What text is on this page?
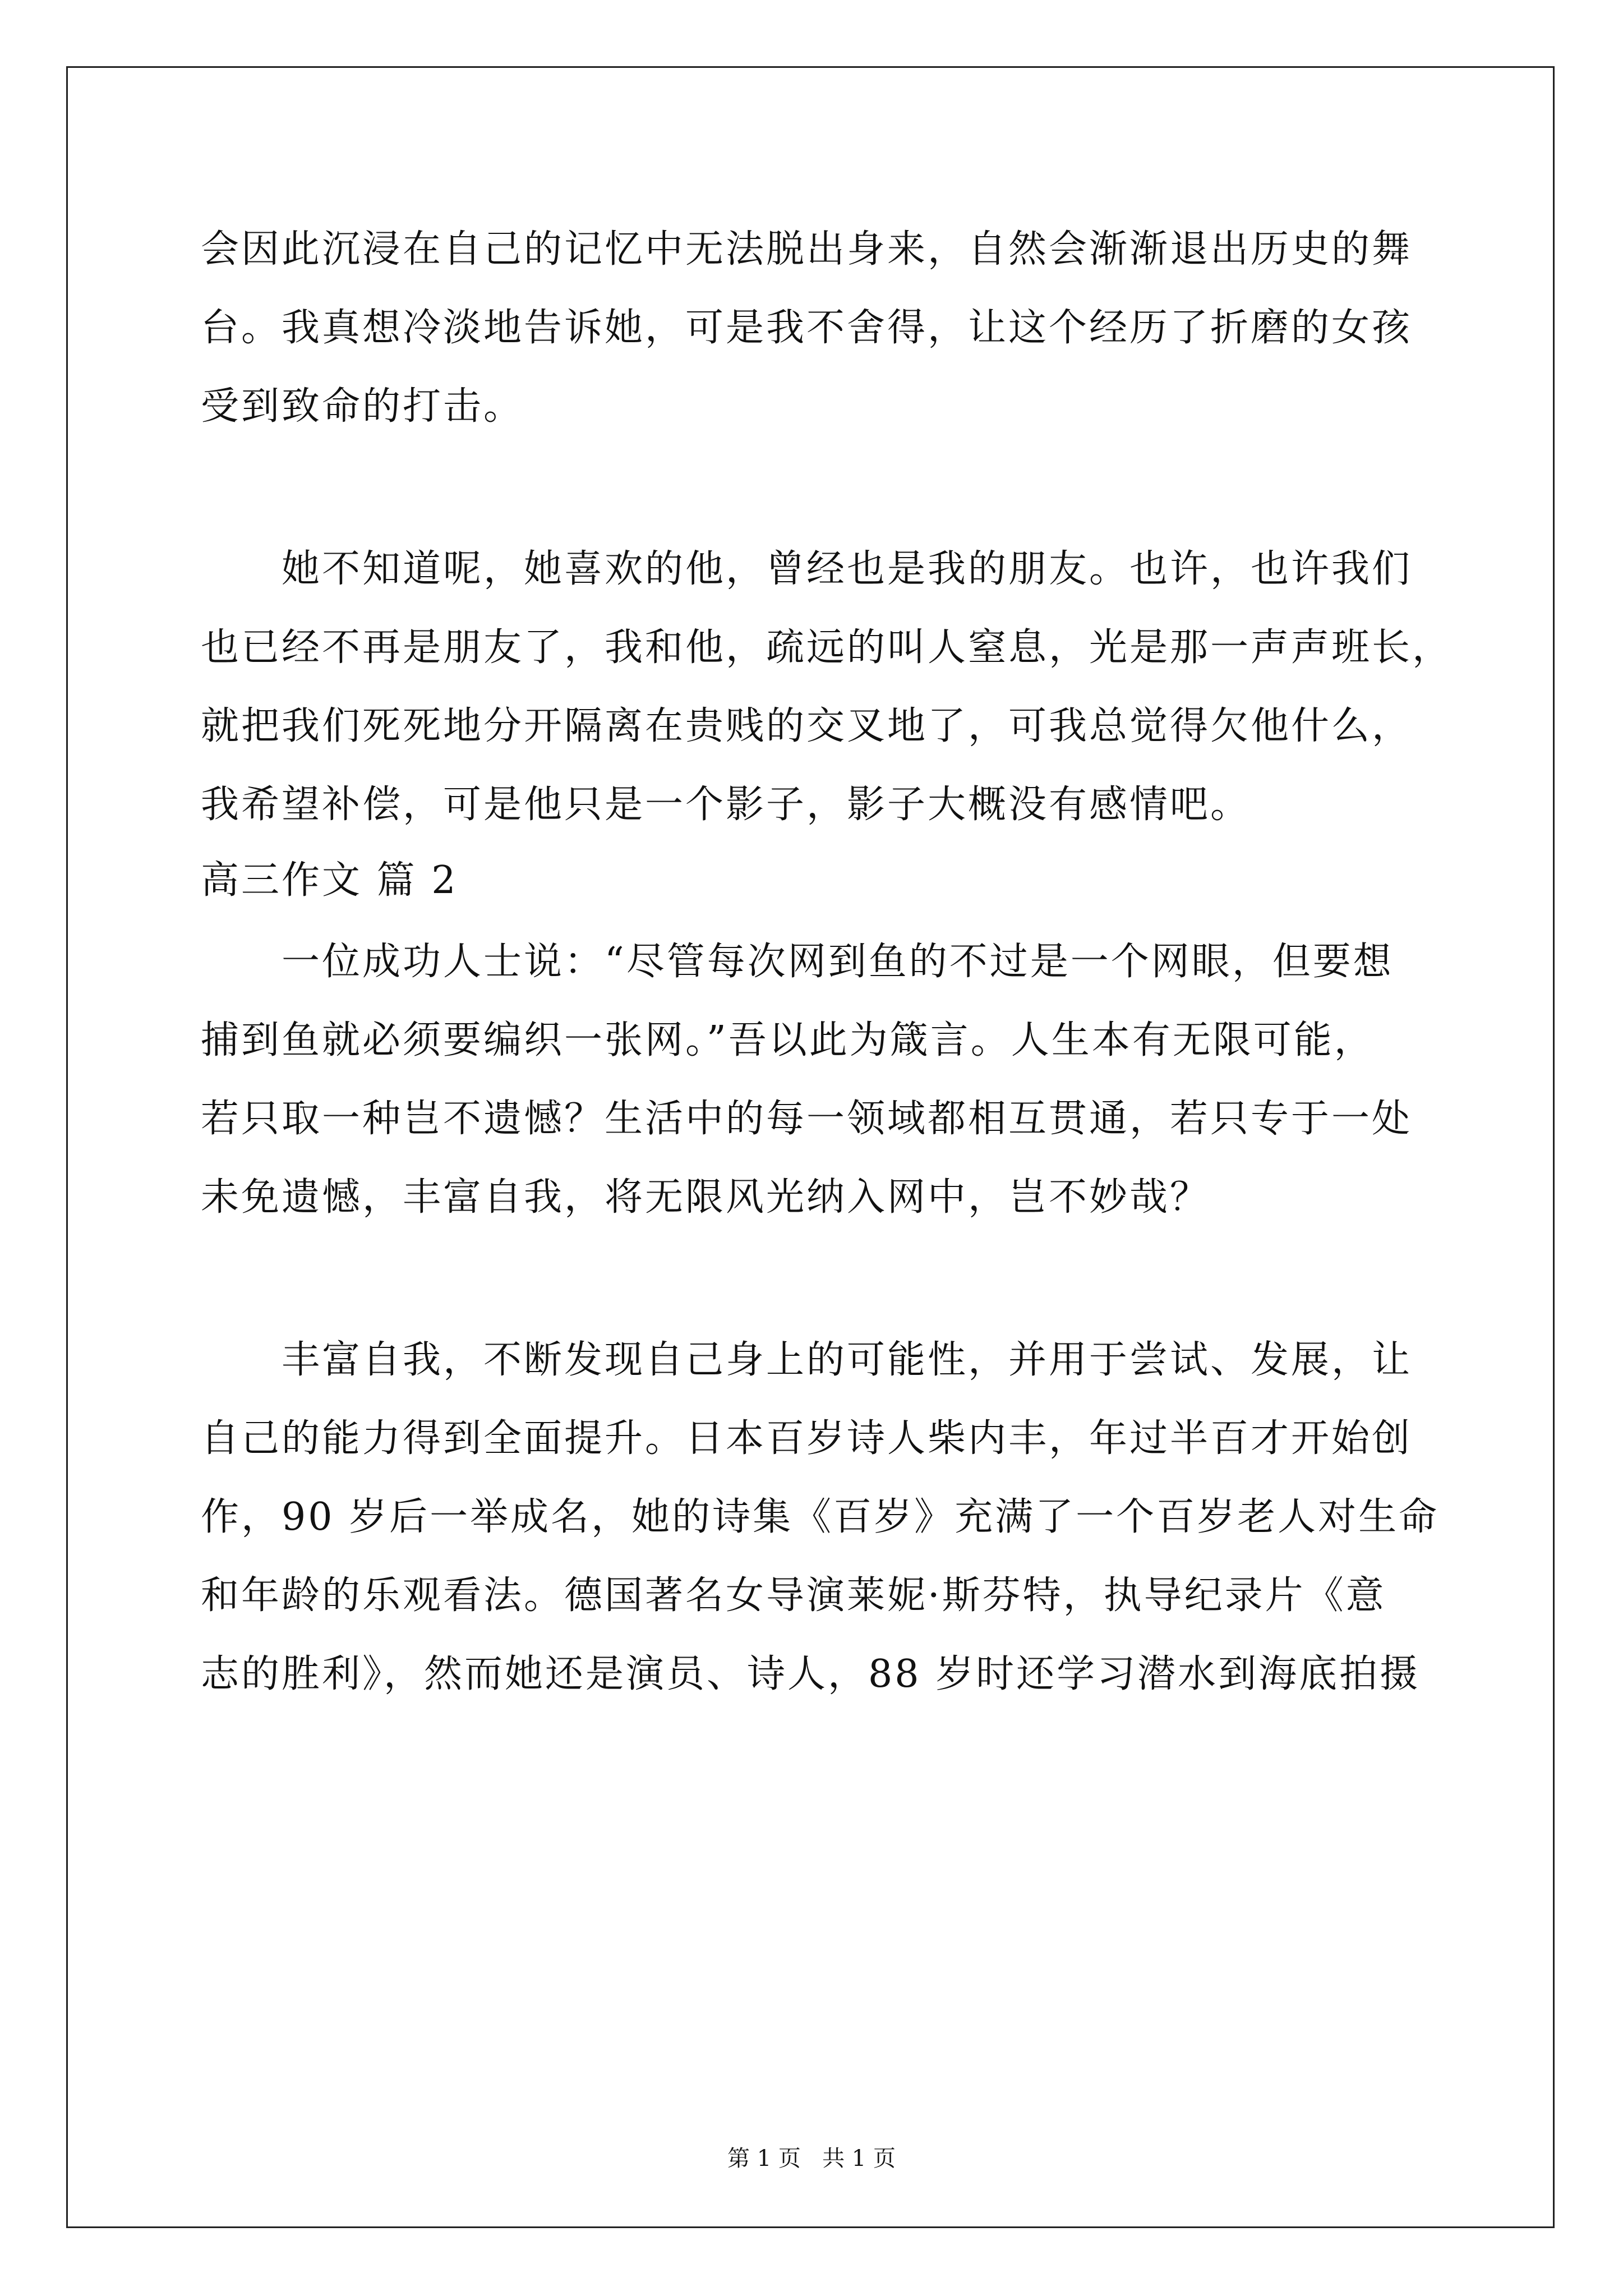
会因此沉浸在自己的记忆中无法脱出身来，自然会渐渐退出历史的舞

台。我真想冷淡地告诉她，可是我不舍得，让这个经历了折磨的女孩

受到致命的打击。

她不知道呢，她喜欢的他，曾经也是我的朋友。也许，也许我们

也已经不再是朋友了，我和他，疏远的叫人窒息，光是那一声声班长，

就把我们死死地分开隔离在贵贱的交叉地了，可我总觉得欠他什么，

我希望补偿，可是他只是一个影子，影子大概没有感情吧。

高三作文 篇 2

一位成功人士说：“尽管每次网到鱼的不过是一个网眼，但要想

捕到鱼就必须要编织一张网。”吾以此为箴言。人生本有无限可能，

若只取一种岂不遗憾？生活中的每一领域都相互贯通，若只专于一处

未免遗憾，丰富自我，将无限风光纳入网中，岂不妙哉？

丰富自我，不断发现自己身上的可能性，并用于尝试、发展，让

自己的能力得到全面提升。日本百岁诗人柴内丰，年过半百才开始创

作，90 岁后一举成名，她的诗集《百岁》充满了一个百岁老人对生命

和年龄的乐观看法。德国著名女导演莱妮·斯芬特，执导纪录片《意

志的胜利》，然而她还是演员、诗人，88 岁时还学习潜水到海底拍摄

第 1 页   共 1 页
